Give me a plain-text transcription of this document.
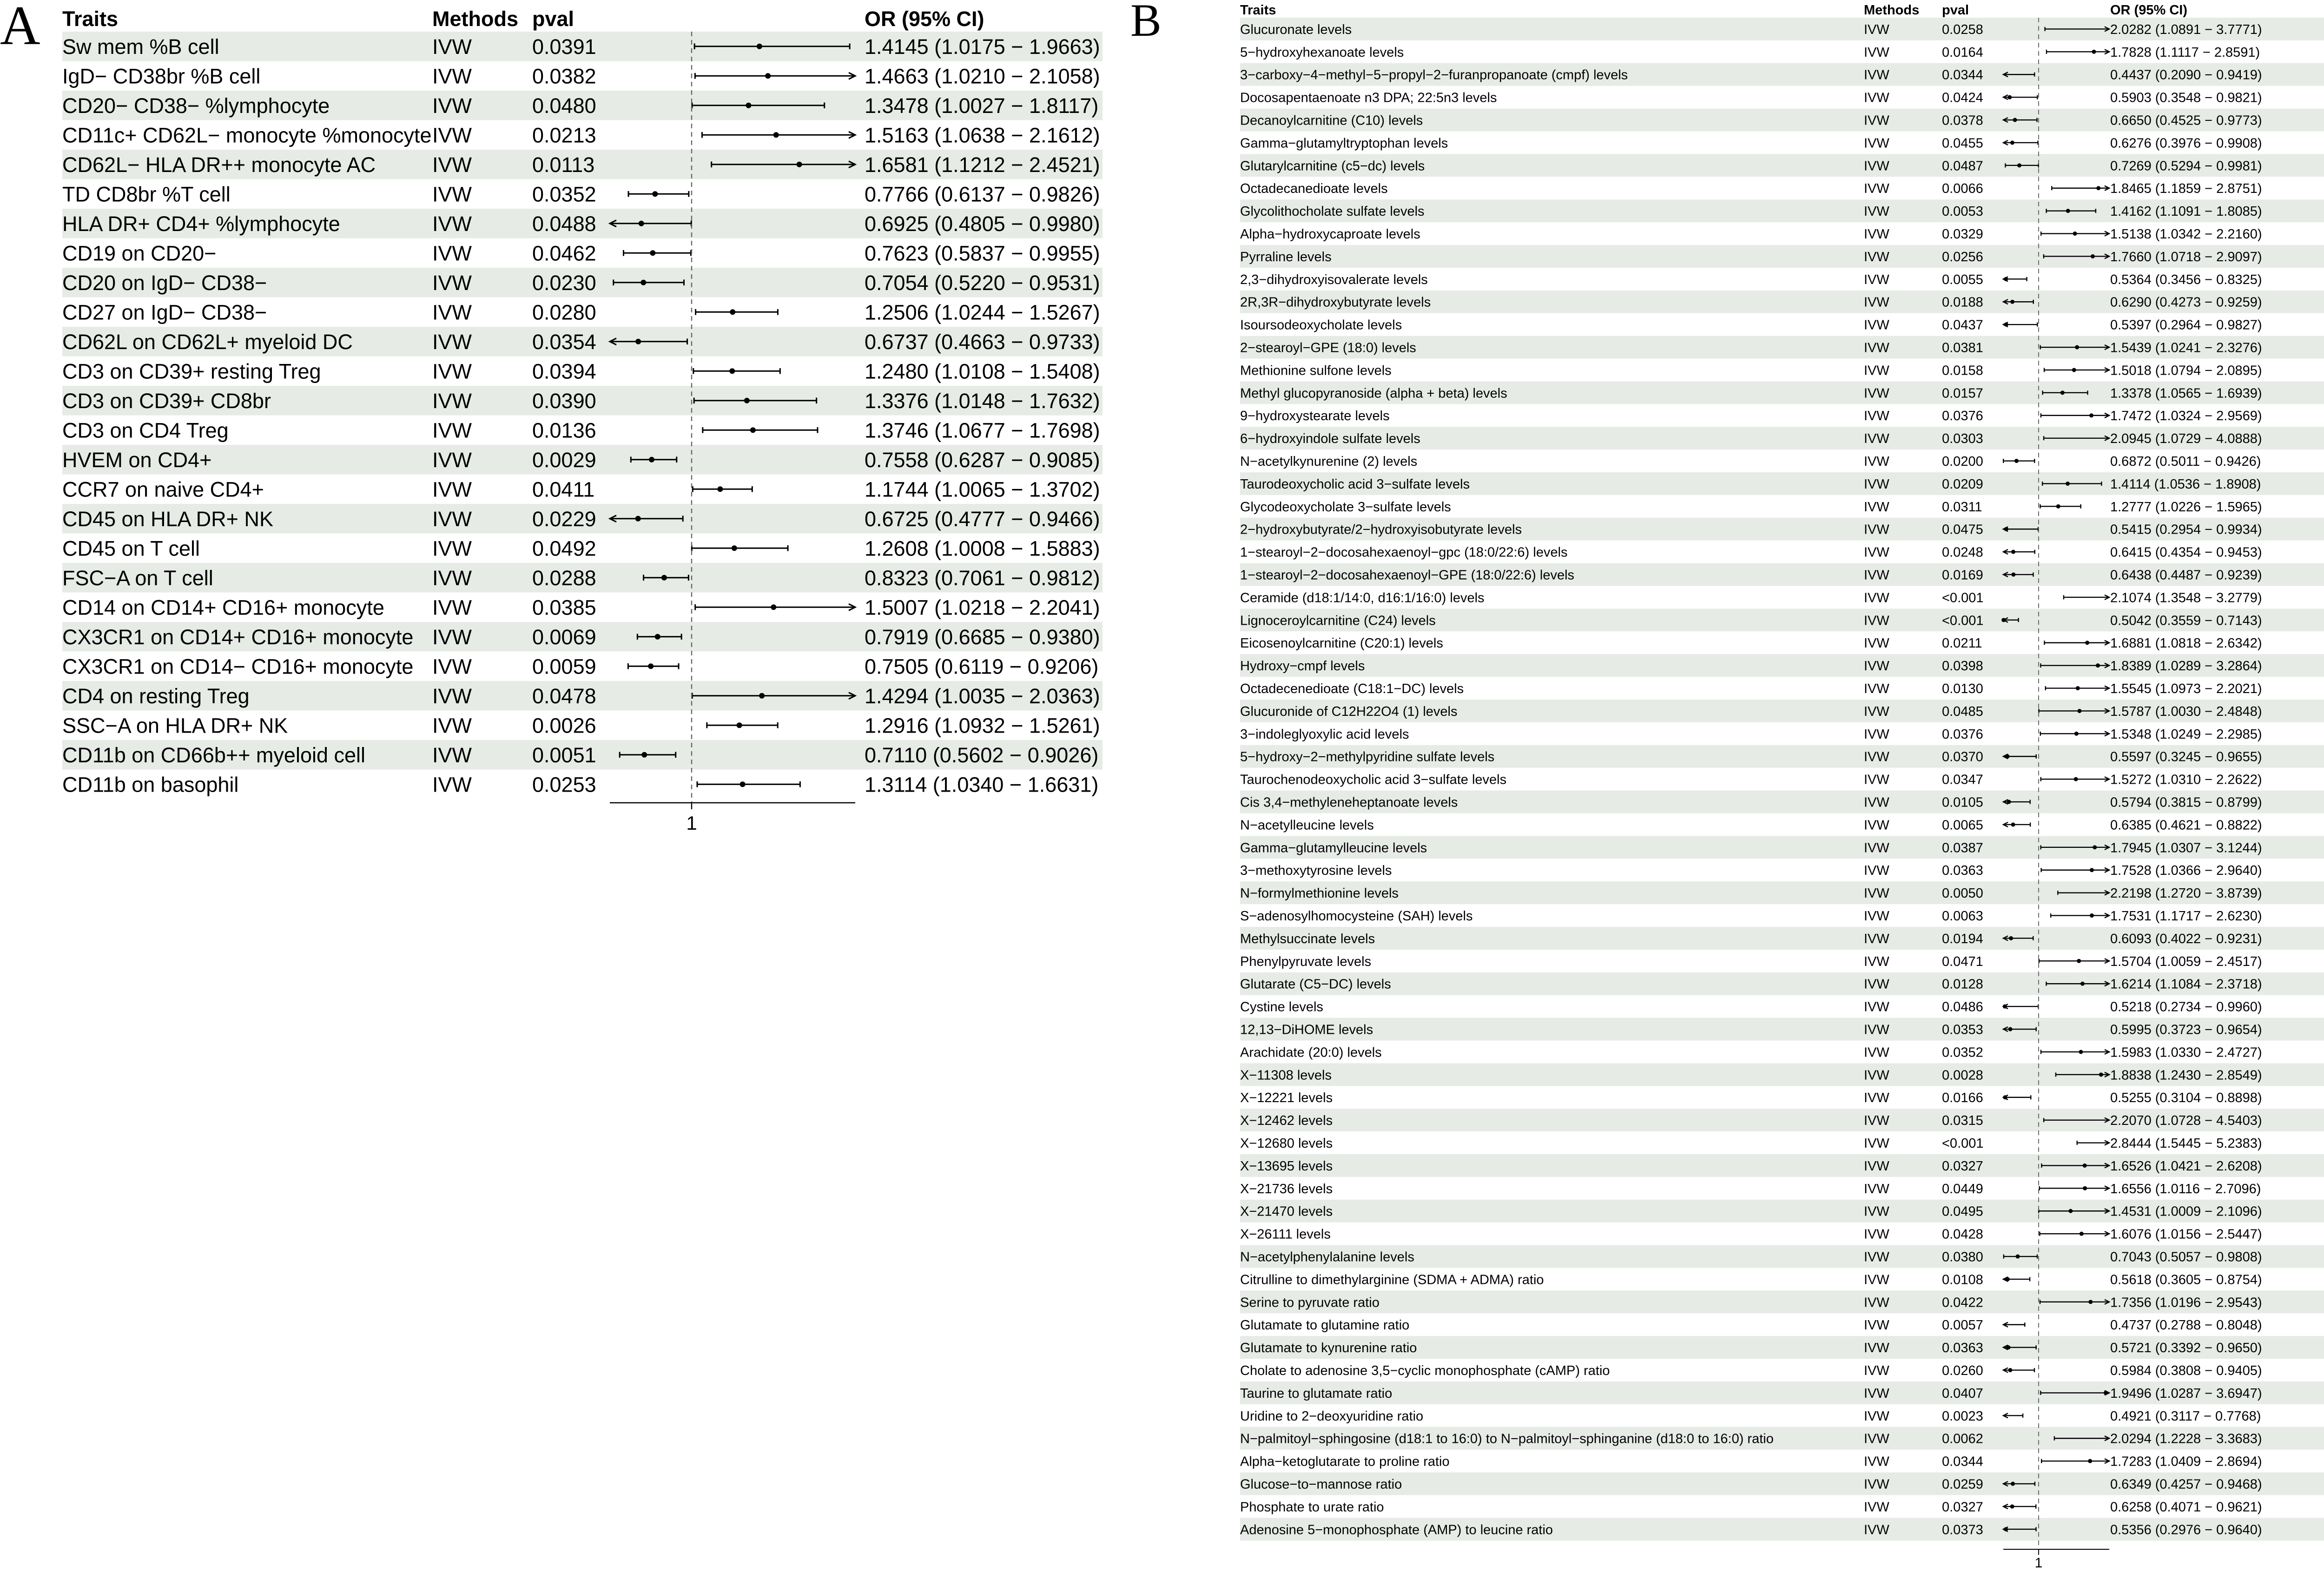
A Traits	Methods pval	OR (95% CI)
Sw mem %B cell	IVW	0.0391	1.4145 (1.0175 − 1.9663)
IgD− CD38br %B cell	IVW	0.0382	1.4663 (1.0210 − 2.1058)
CD20− CD38− %lymphocyte	IVW	0.0480	1.3478 (1.0027 − 1.8117)
CD11c+ CD62L− monocyte %monocyte IVW	0.0213	1.5163 (1.0638 − 2.1612)
CD62L− HLA DR++ monocyte AC	IVW	0.0113	1.6581 (1.1212 − 2.4521)
TD CD8br %T cell	IVW	0.0352	0.7766 (0.6137 − 0.9826)
HLA DR+ CD4+ %lymphocyte	IVW	0.0488	0.6925 (0.4805 − 0.9980)
CD19 on CD20−	IVW	0.0462	0.7623 (0.5837 − 0.9955)
CD20 on IgD− CD38−	IVW	0.0230	0.7054 (0.5220 − 0.9531)
CD27 on IgD− CD38−	IVW	0.0280	1.2506 (1.0244 − 1.5267)
CD62L on CD62L+ myeloid DC	IVW	0.0354	0.6737 (0.4663 − 0.9733)
CD3 on CD39+ resting Treg	IVW	0.0394	1.2480 (1.0108 − 1.5408)
CD3 on CD39+ CD8br	IVW	0.0390	1.3376 (1.0148 − 1.7632)
CD3 on CD4 Treg	IVW	0.0136	1.3746 (1.0677 − 1.7698)
HVEM on CD4+	IVW	0.0029	0.7558 (0.6287 − 0.9085)
CCR7 on naive CD4+	IVW	0.0411	1.1744 (1.0065 − 1.3702)
CD45 on HLA DR+ NK	IVW	0.0229	0.6725 (0.4777 − 0.9466)
CD45 on T cell	IVW	0.0492	1.2608 (1.0008 − 1.5883)
FSC−A on T cell	IVW	0.0288	0.8323 (0.7061 − 0.9812)
CD14 on CD14+ CD16+ monocyte IVW	0.0385	1.5007 (1.0218 − 2.2041)
CX3CR1 on CD14+ CD16+ monocyte IVW	0.0069	0.7919 (0.6685 − 0.9380)
CX3CR1 on CD14− CD16+ monocyte IVW	0.0059	0.7505 (0.6119 − 0.9206)
CD4 on resting Treg	IVW	0.0478	1.4294 (1.0035 − 2.0363)
SSC−A on HLA DR+ NK	IVW	0.0026	1.2916 (1.0932 − 1.5261)
CD11b on CD66b++ myeloid cell	IVW	0.0051	0.7110 (0.5602 − 0.9026)
CD11b on basophil	IVW	0.0253	1.3114 (1.0340 − 1.6631)
1
B	Traits	Methods pval	OR (95% CI)
Glucuronate levels	IVW	0.0258	2.0282 (1.0891 − 3.7771)
5−hydroxyhexanoate levels	IVW	0.0164	1.7828 (1.1117 − 2.8591)
3−carboxy−4−methyl−5−propyl−2−furanpropanoate (cmpf) levels	IVW	0.0344	0.4437 (0.2090 − 0.9419)
Docosapentaenoate n3 DPA; 22:5n3 levels	IVW	0.0424	0.5903 (0.3548 − 0.9821)
Decanoylcarnitine (C10) levels	IVW	0.0378	0.6650 (0.4525 − 0.9773)
Gamma−glutamyltryptophan levels	IVW	0.0455	0.6276 (0.3976 − 0.9908)
Glutarylcarnitine (c5−dc) levels	IVW	0.0487	0.7269 (0.5294 − 0.9981)
Octadecanedioate levels	IVW	0.0066	1.8465 (1.1859 − 2.8751)
Glycolithocholate sulfate levels	IVW	0.0053	1.4162 (1.1091 − 1.8085)
Alpha−hydroxycaproate levels	IVW	0.0329	1.5138 (1.0342 − 2.2160)
Pyrraline levels	IVW	0.0256	1.7660 (1.0718 − 2.9097)
2,3−dihydroxyisovalerate levels	IVW	0.0055	0.5364 (0.3456 − 0.8325)
2R,3R−dihydroxybutyrate levels	IVW	0.0188	0.6290 (0.4273 − 0.9259)
Isoursodeoxycholate levels	IVW	0.0437	0.5397 (0.2964 − 0.9827)
2−stearoyl−GPE (18:0) levels	IVW	0.0381	1.5439 (1.0241 − 2.3276)
Methionine sulfone levels	IVW	0.0158	1.5018 (1.0794 − 2.0895)
Methyl glucopyranoside (alpha + beta) levels	IVW	0.0157	1.3378 (1.0565 − 1.6939)
9−hydroxystearate levels	IVW	0.0376	1.7472 (1.0324 − 2.9569)
6−hydroxyindole sulfate levels	IVW	0.0303	2.0945 (1.0729 − 4.0888)
N−acetylkynurenine (2) levels	IVW	0.0200	0.6872 (0.5011 − 0.9426)
Taurodeoxycholic acid 3−sulfate levels	IVW	0.0209	1.4114 (1.0536 − 1.8908)
Glycodeoxycholate 3−sulfate levels	IVW	0.0311	1.2777 (1.0226 − 1.5965)
2−hydroxybutyrate/2−hydroxyisobutyrate levels	IVW	0.0475	0.5415 (0.2954 − 0.9934)
1−stearoyl−2−docosahexaenoyl−gpc (18:0/22:6) levels	IVW	0.0248	0.6415 (0.4354 − 0.9453)
1−stearoyl−2−docosahexaenoyl−GPE (18:0/22:6) levels	IVW	0.0169	0.6438 (0.4487 − 0.9239)
Ceramide (d18:1/14:0, d16:1/16:0) levels	IVW	<0.001	2.1074 (1.3548 − 3.2779)
Lignoceroylcarnitine (C24) levels	IVW	<0.001	0.5042 (0.3559 − 0.7143)
Eicosenoylcarnitine (C20:1) levels	IVW	0.0211	1.6881 (1.0818 − 2.6342)
Hydroxy−cmpf levels	IVW	0.0398	1.8389 (1.0289 − 3.2864)
Octadecenedioate (C18:1−DC) levels	IVW	0.0130	1.5545 (1.0973 − 2.2021)
Glucuronide of C12H22O4 (1) levels	IVW	0.0485	1.5787 (1.0030 − 2.4848)
3−indoleglyoxylic acid levels	IVW	0.0376	1.5348 (1.0249 − 2.2985)
5−hydroxy−2−methylpyridine sulfate levels	IVW	0.0370	0.5597 (0.3245 − 0.9655)
Taurochenodeoxycholic acid 3−sulfate levels	IVW	0.0347	1.5272 (1.0310 − 2.2622)
Cis 3,4−methyleneheptanoate levels	IVW	0.0105	0.5794 (0.3815 − 0.8799)
N−acetylleucine levels	IVW	0.0065	0.6385 (0.4621 − 0.8822)
Gamma−glutamylleucine levels	IVW	0.0387	1.7945 (1.0307 − 3.1244)
3−methoxytyrosine levels	IVW	0.0363	1.7528 (1.0366 − 2.9640)
N−formylmethionine levels	IVW	0.0050	2.2198 (1.2720 − 3.8739)
S−adenosylhomocysteine (SAH) levels	IVW	0.0063	1.7531 (1.1717 − 2.6230)
Methylsuccinate levels	IVW	0.0194	0.6093 (0.4022 − 0.9231)
Phenylpyruvate levels	IVW	0.0471	1.5704 (1.0059 − 2.4517)
Glutarate (C5−DC) levels	IVW	0.0128	1.6214 (1.1084 − 2.3718)
Cystine levels	IVW	0.0486	0.5218 (0.2734 − 0.9960)
12,13−DiHOME levels	IVW	0.0353	0.5995 (0.3723 − 0.9654)
Arachidate (20:0) levels	IVW	0.0352	1.5983 (1.0330 − 2.4727)
X−11308 levels	IVW	0.0028	1.8838 (1.2430 − 2.8549)
X−12221 levels	IVW	0.0166	0.5255 (0.3104 − 0.8898)
X−12462 levels	IVW	0.0315	2.2070 (1.0728 − 4.5403)
X−12680 levels	IVW	<0.001	2.8444 (1.5445 − 5.2383)
X−13695 levels	IVW	0.0327	1.6526 (1.0421 − 2.6208)
X−21736 levels	IVW	0.0449	1.6556 (1.0116 − 2.7096)
X−21470 levels	IVW	0.0495	1.4531 (1.0009 − 2.1096)
X−26111 levels	IVW	0.0428	1.6076 (1.0156 − 2.5447)
N−acetylphenylalanine levels	IVW	0.0380	0.7043 (0.5057 − 0.9808)
Citrulline to dimethylarginine (SDMA + ADMA) ratio	IVW	0.0108	0.5618 (0.3605 − 0.8754)
Serine to pyruvate ratio	IVW	0.0422	1.7356 (1.0196 − 2.9543)
Glutamate to glutamine ratio	IVW	0.0057	0.4737 (0.2788 − 0.8048)
Glutamate to kynurenine ratio	IVW	0.0363	0.5721 (0.3392 − 0.9650)
Cholate to adenosine 3,5−cyclic monophosphate (cAMP) ratio	IVW	0.0260	0.5984 (0.3808 − 0.9405)
Taurine to glutamate ratio	IVW	0.0407	1.9496 (1.0287 − 3.6947)
Uridine to 2−deoxyuridine ratio	IVW	0.0023	0.4921 (0.3117 − 0.7768)
N−palmitoyl−sphingosine (d18:1 to 16:0) to N−palmitoyl−sphinganine (d18:0 to 16:0) ratio	IVW	0.0062	2.0294 (1.2228 − 3.3683)
Alpha−ketoglutarate to proline ratio	IVW	0.0344	1.7283 (1.0409 − 2.8694)
Glucose−to−mannose ratio	IVW	0.0259	0.6349 (0.4257 − 0.9468)
Phosphate to urate ratio	IVW	0.0327	0.6258 (0.4071 − 0.9621)
Adenosine 5−monophosphate (AMP) to leucine ratio	IVW	0.0373	0.5356 (0.2976 − 0.9640)
1
